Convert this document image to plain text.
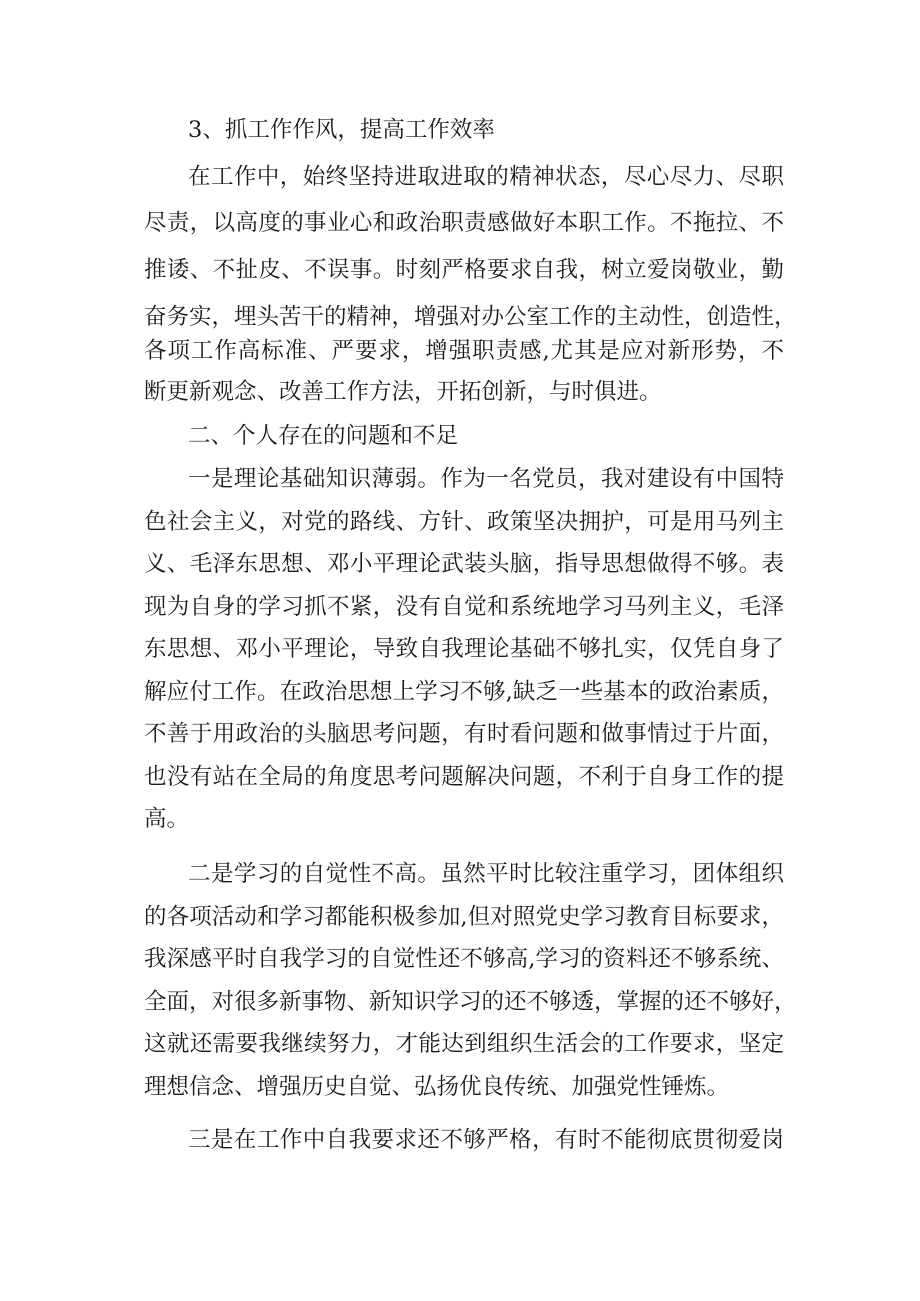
3、抓工作作风，提高工作效率
在工作中，始终坚持进取进取的精神状态，尽心尽力、尽职
尽责，以高度的事业心和政治职责感做好本职工作。不拖拉、不
推诿、不扯皮、不误事。时刻严格要求自我，树立爱岗敬业，勤
奋务实，埋头苦干的精神，增强对办公室工作的主动性，创造性，
各项工作高标准、严要求，增强职责感,尤其是应对新形势，不
断更新观念、改善工作方法，开拓创新，与时俱进。
二、个人存在的问题和不足
一是理论基础知识薄弱。作为一名党员，我对建设有中国特
色社会主义，对党的路线、方针、政策坚决拥护，可是用马列主
义、毛泽东思想、邓小平理论武装头脑，指导思想做得不够。表
现为自身的学习抓不紧，没有自觉和系统地学习马列主义，毛泽
东思想、邓小平理论，导致自我理论基础不够扎实，仅凭自身了
解应付工作。在政治思想上学习不够,缺乏一些基本的政治素质，
不善于用政治的头脑思考问题，有时看问题和做事情过于片面，
也没有站在全局的角度思考问题解决问题，不利于自身工作的提
高。
二是学习的自觉性不高。虽然平时比较注重学习，团体组织
的各项活动和学习都能积极参加,但对照党史学习教育目标要求，
我深感平时自我学习的自觉性还不够高,学习的资料还不够系统、
全面，对很多新事物、新知识学习的还不够透，掌握的还不够好，
这就还需要我继续努力，才能达到组织生活会的工作要求，坚定
理想信念、增强历史自觉、弘扬优良传统、加强党性锤炼。
三是在工作中自我要求还不够严格，有时不能彻底贯彻爱岗
